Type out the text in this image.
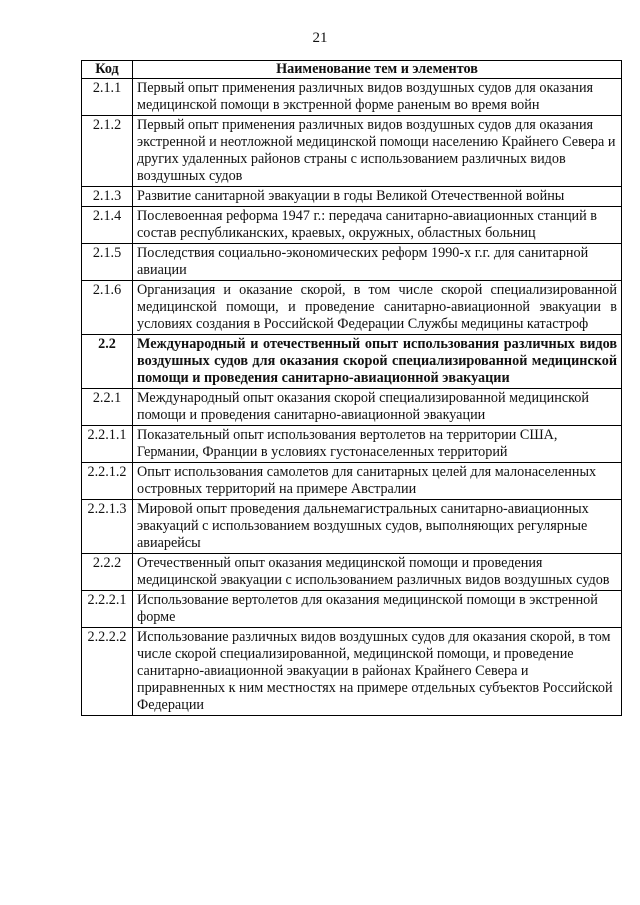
21
Код	Наименование тем и элементов
2.1.1	Первый опыт применения различных видов воздушных судов для оказания медицинской помощи в экстренной форме раненым во время войн
2.1.2	Первый опыт применения различных видов воздушных судов для оказания экстренной и неотложной медицинской помощи населению Крайнего Севера и других удаленных районов страны с использованием различных видов воздушных судов
2.1.3	Развитие санитарной эвакуации в годы Великой Отечественной войны
2.1.4	Послевоенная реформа 1947 г.: передача санитарно-авиационных станций в состав республиканских, краевых, окружных, областных больниц
2.1.5	Последствия социально-экономических реформ 1990-х г.г. для санитарной авиации
2.1.6	Организация и оказание скорой, в том числе скорой специализированной медицинской помощи, и проведение санитарно-авиационной эвакуации в условиях создания в Российской Федерации Службы медицины катастроф
2.2	Международный и отечественный опыт использования различных видов воздушных судов для оказания скорой специализированной медицинской помощи и проведения санитарно-авиационной эвакуации
2.2.1	Международный опыт оказания скорой специализированной медицинской помощи и проведения санитарно-авиационной эвакуации
2.2.1.1	Показательный опыт использования вертолетов на территории США, Германии, Франции в условиях густонаселенных территорий
2.2.1.2	Опыт использования самолетов для санитарных целей для малонаселенных островных территорий на примере Австралии
2.2.1.3	Мировой опыт проведения дальнемагистральных санитарно-авиационных эвакуаций с использованием воздушных судов, выполняющих регулярные авиарейсы
2.2.2	Отечественный опыт оказания медицинской помощи и проведения медицинской эвакуации с использованием различных видов воздушных судов
2.2.2.1	Использование вертолетов для оказания медицинской помощи в экстренной форме
2.2.2.2	Использование различных видов воздушных судов для оказания скорой, в том числе скорой специализированной, медицинской помощи, и проведение санитарно-авиационной эвакуации в районах Крайнего Севера и приравненных к ним местностях на примере отдельных субъектов Российской Федерации
